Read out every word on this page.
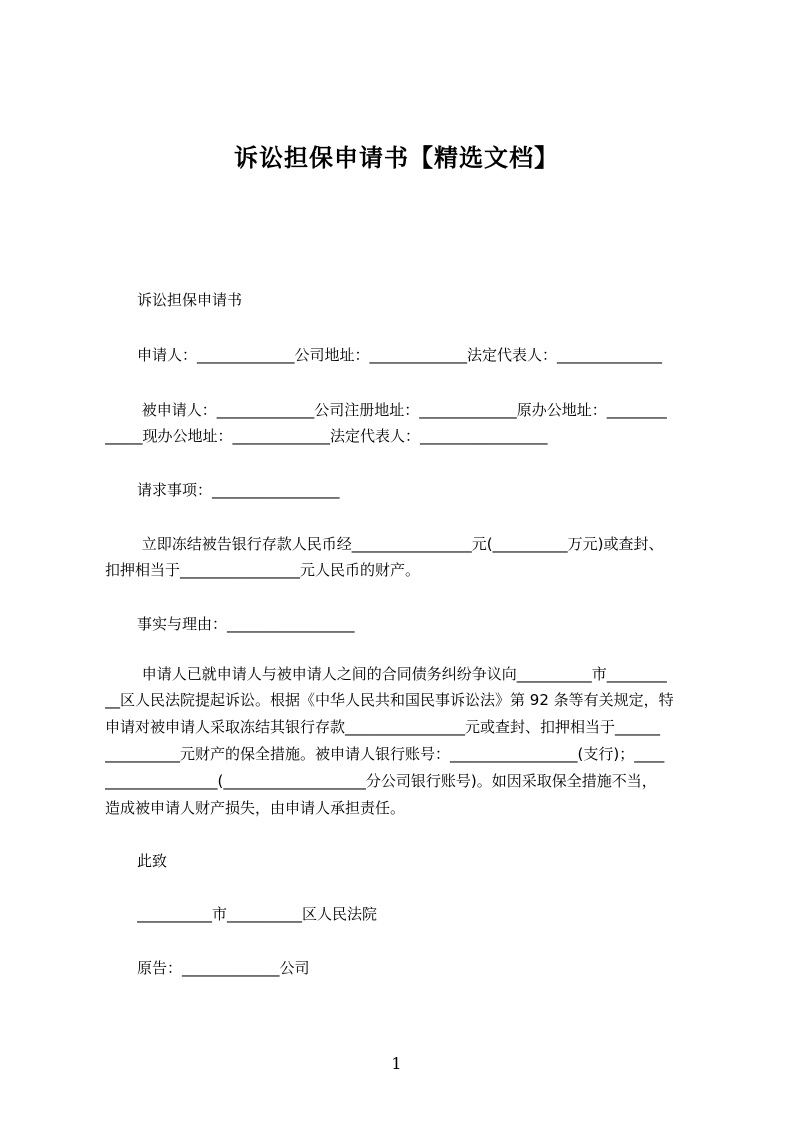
诉讼担保申请书【精选文档】
诉讼担保申请书
申请人：_____________公司地址：_____________法定代表人：______________
被申请人：_____________公司注册地址：_____________原办公地址：________
_____现办公地址：_____________法定代表人：_________________
请求事项：_________________
立即冻结被告银行存款人民币经________________元(__________万元)或查封、
扣押相当于________________元人民币的财产。
事实与理由：_________________
申请人已就申请人与被申请人之间的合同债务纠纷争议向__________市________
__区人民法院提起诉讼。根据《中华人民共和国民事诉讼法》第 92 条等有关规定，特
申请对被申请人采取冻结其银行存款________________元或查封、扣押相当于______
__________元财产的保全措施。被申请人银行账号：_________________(支行)；____
_______________(___________________分公司银行账号)。如因采取保全措施不当，
造成被申请人财产损失，由申请人承担责任。
此致
__________市__________区人民法院
原告：_____________公司
1
